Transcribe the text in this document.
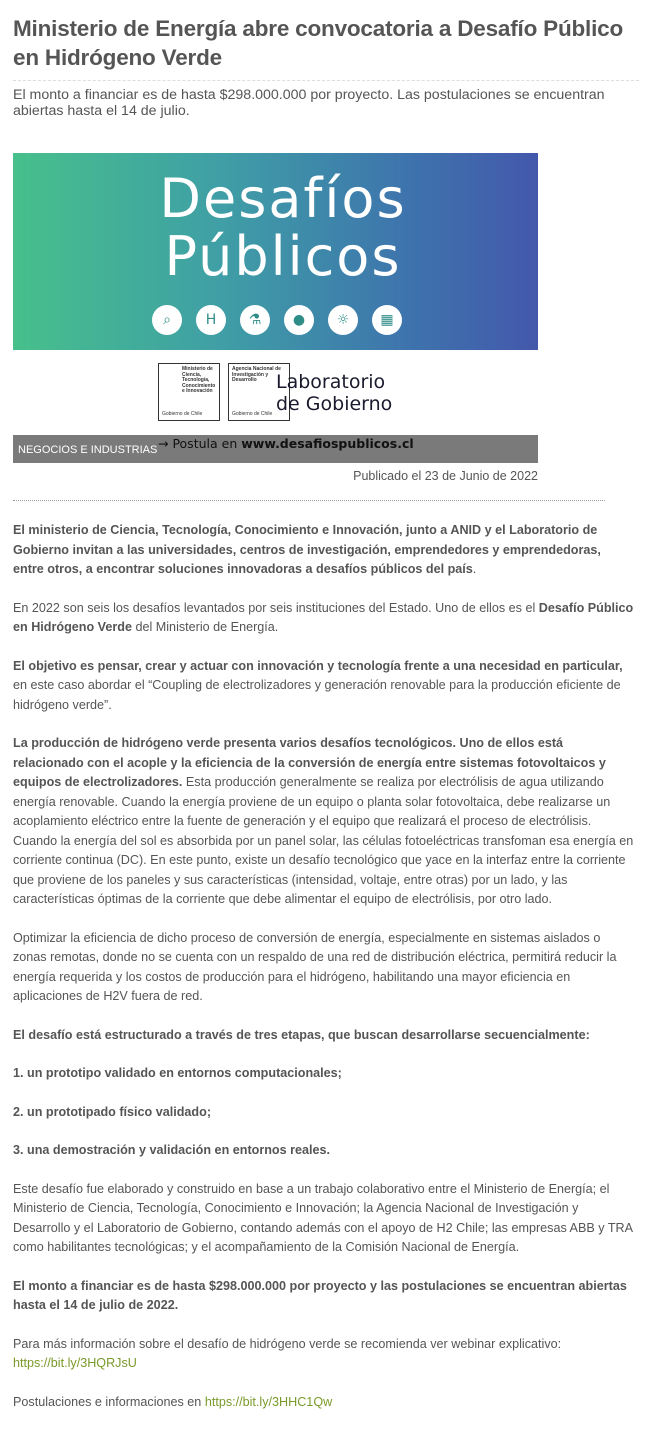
Ministerio de Energía abre convocatoria a Desafío Público en Hidrógeno Verde
El monto a financiar es de hasta $298.000.000 por proyecto. Las postulaciones se encuentran abiertas hasta el 14 de julio.
Desafíos
Públicos
⌕	H	⚗	●	☼	▦
Ministerio de Ciencia, Tecnología, Conocimiento e Innovación
Gobierno de Chile
Agencia Nacional de Investigación y Desarrollo
Gobierno de Chile
Laboratorio
de Gobierno
NEGOCIOS E INDUSTRIAS → Postula en www.desafiospublicos.cl
Publicado el 23 de Junio de 2022

El ministerio de Ciencia, Tecnología, Conocimiento e Innovación, junto a ANID y el Laboratorio de Gobierno invitan a las universidades, centros de investigación, emprendedores y emprendedoras, entre otros, a encontrar soluciones innovadoras a desafíos públicos del país.

En 2022 son seis los desafíos levantados por seis instituciones del Estado. Uno de ellos es el Desafío Público en Hidrógeno Verde del Ministerio de Energía.

El objetivo es pensar, crear y actuar con innovación y tecnología frente a una necesidad en particular, en este caso abordar el “Coupling de electrolizadores y generación renovable para la producción eficiente de hidrógeno verde”.

La producción de hidrógeno verde presenta varios desafíos tecnológicos. Uno de ellos está relacionado con el acople y la eficiencia de la conversión de energía entre sistemas fotovoltaicos y equipos de electrolizadores. Esta producción generalmente se realiza por electrólisis de agua utilizando energía renovable. Cuando la energía proviene de un equipo o planta solar fotovoltaica, debe realizarse un acoplamiento eléctrico entre la fuente de generación y el equipo que realizará el proceso de electrólisis. Cuando la energía del sol es absorbida por un panel solar, las células fotoeléctricas transfoman esa energía en corriente continua (DC). En este punto, existe un desafío tecnológico que yace en la interfaz entre la corriente que proviene de los paneles y sus características (intensidad, voltaje, entre otras) por un lado, y las características óptimas de la corriente que debe alimentar el equipo de electrólisis, por otro lado.

Optimizar la eficiencia de dicho proceso de conversión de energía, especialmente en sistemas aislados o zonas remotas, donde no se cuenta con un respaldo de una red de distribución eléctrica, permitirá reducir la energía requerida y los costos de producción para el hidrógeno, habilitando una mayor eficiencia en aplicaciones de H2V fuera de red.

El desafío está estructurado a través de tres etapas, que buscan desarrollarse secuencialmente:

1. un prototipo validado en entornos computacionales;

2. un prototipado físico validado;

3. una demostración y validación en entornos reales.

Este desafío fue elaborado y construido en base a un trabajo colaborativo entre el Ministerio de Energía; el Ministerio de Ciencia, Tecnología, Conocimiento e Innovación; la Agencia Nacional de Investigación y Desarrollo y el Laboratorio de Gobierno, contando además con el apoyo de H2 Chile; las empresas ABB y TRA como habilitantes tecnológicas; y el acompañamiento de la Comisión Nacional de Energía.

El monto a financiar es de hasta $298.000.000 por proyecto y las postulaciones se encuentran abiertas hasta el 14 de julio de 2022.

Para más información sobre el desafío de hidrógeno verde se recomienda ver webinar explicativo: https://bit.ly/3HQRJsU

Postulaciones e informaciones en https://bit.ly/3HHC1Qw
